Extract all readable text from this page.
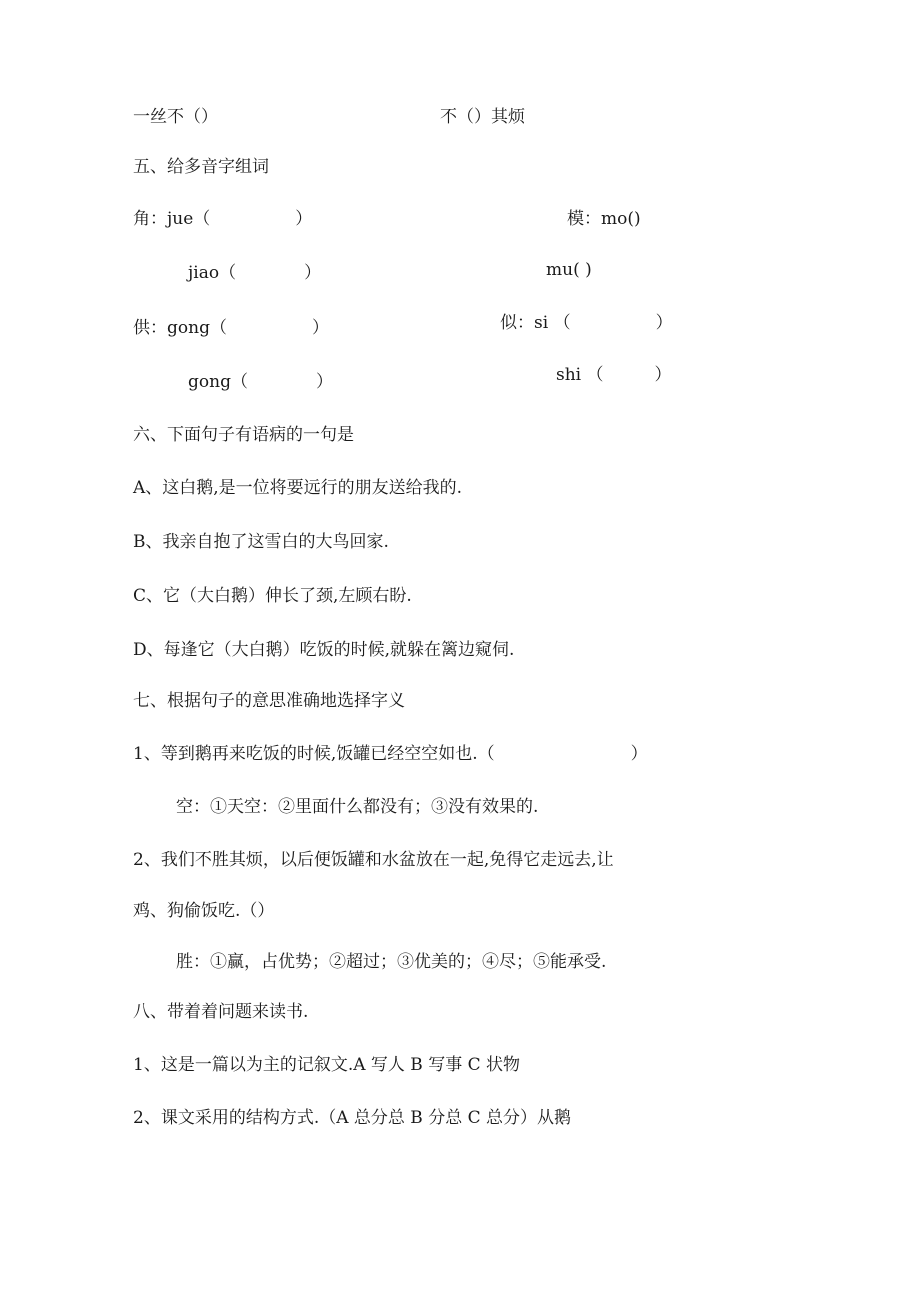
一丝不（）	不（）其烦
五、给多音字组词
角：jue（　　　　　）	模：mo()
jiao（　　　　）	mu( )
供：gong（　　　　　）	似：si （　　　　　）
gong（　　　　）	shi （　　　）
六、下面句子有语病的一句是
A、这白鹅,是一位将要远行的朋友送给我的.
B、我亲自抱了这雪白的大鸟回家.
C、它（大白鹅）伸长了颈,左顾右盼.
D、每逢它（大白鹅）吃饭的时候,就躲在篱边窥伺.
七、根据句子的意思准确地选择字义
1、等到鹅再来吃饭的时候,饭罐已经空空如也.（　　　　　　　　）
空：①天空：②里面什么都没有；③没有效果的.
2、我们不胜其烦，以后便饭罐和水盆放在一起,免得它走远去,让
鸡、狗偷饭吃.（）
胜：①赢，占优势；②超过；③优美的；④尽；⑤能承受.
八、带着着问题来读书.
1、这是一篇以为主的记叙文.A 写人 B 写事 C 状物
2、课文采用的结构方式.（A 总分总 B 分总 C 总分）从鹅
